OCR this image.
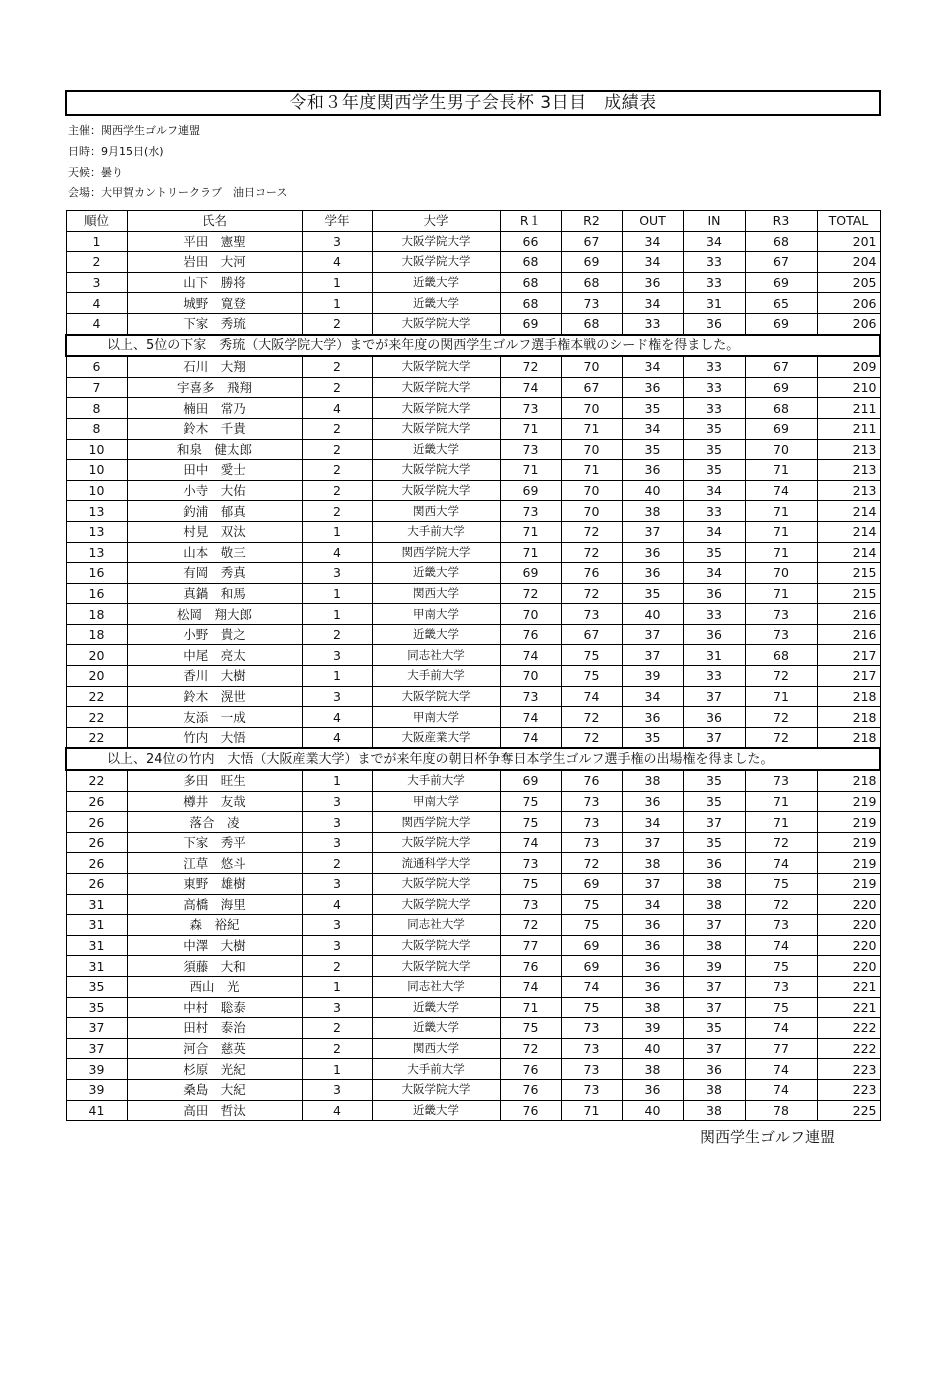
令和３年度関西学生男子会長杯 3日目　成績表
主催：関西学生ゴルフ連盟
日時：9月15日(水)
天候：曇り
会場：大甲賀カントリークラブ　油日コース
順位	氏名	学年	大学	R１	R2	OUT	IN	R3	TOTAL
1	平田　憲聖	3	大阪学院大学	66	67	34	34	68	201
2	岩田　大河	4	大阪学院大学	68	69	34	33	67	204
3	山下　勝将	1	近畿大学	68	68	36	33	69	205
4	城野　寛登	1	近畿大学	68	73	34	31	65	206
4	下家　秀琉	2	大阪学院大学	69	68	33	36	69	206
以上、5位の下家　秀琉（大阪学院大学）までが来年度の関西学生ゴルフ選手権本戦のシード権を得ました。									
6	石川　大翔	2	大阪学院大学	72	70	34	33	67	209
7	宇喜多　飛翔	2	大阪学院大学	74	67	36	33	69	210
8	楠田　常乃	4	大阪学院大学	73	70	35	33	68	211
8	鈴木　千貴	2	大阪学院大学	71	71	34	35	69	211
10	和泉　健太郎	2	近畿大学	73	70	35	35	70	213
10	田中　愛士	2	大阪学院大学	71	71	36	35	71	213
10	小寺　大佑	2	大阪学院大学	69	70	40	34	74	213
13	釣浦　郁真	2	関西大学	73	70	38	33	71	214
13	村見　双汰	1	大手前大学	71	72	37	34	71	214
13	山本　敬三	4	関西学院大学	71	72	36	35	71	214
16	有岡　秀真	3	近畿大学	69	76	36	34	70	215
16	真鍋　和馬	1	関西大学	72	72	35	36	71	215
18	松岡　翔大郎	1	甲南大学	70	73	40	33	73	216
18	小野　貴之	2	近畿大学	76	67	37	36	73	216
20	中尾　亮太	3	同志社大学	74	75	37	31	68	217
20	香川　大樹	1	大手前大学	70	75	39	33	72	217
22	鈴木　滉世	3	大阪学院大学	73	74	34	37	71	218
22	友添　一成	4	甲南大学	74	72	36	36	72	218
22	竹内　大悟	4	大阪産業大学	74	72	35	37	72	218
以上、24位の竹内　大悟（大阪産業大学）までが来年度の朝日杯争奪日本学生ゴルフ選手権の出場権を得ました。									
22	多田　旺生	1	大手前大学	69	76	38	35	73	218
26	樽井　友哉	3	甲南大学	75	73	36	35	71	219
26	落合　凌	3	関西学院大学	75	73	34	37	71	219
26	下家　秀平	3	大阪学院大学	74	73	37	35	72	219
26	江草　悠斗	2	流通科学大学	73	72	38	36	74	219
26	東野　雄樹	3	大阪学院大学	75	69	37	38	75	219
31	高橋　海里	4	大阪学院大学	73	75	34	38	72	220
31	森　裕紀	3	同志社大学	72	75	36	37	73	220
31	中澤　大樹	3	大阪学院大学	77	69	36	38	74	220
31	須藤　大和	2	大阪学院大学	76	69	36	39	75	220
35	西山　光	1	同志社大学	74	74	36	37	73	221
35	中村　聡泰	3	近畿大学	71	75	38	37	75	221
37	田村　泰治	2	近畿大学	75	73	39	35	74	222
37	河合　慈英	2	関西大学	72	73	40	37	77	222
39	杉原　光紀	1	大手前大学	76	73	38	36	74	223
39	桑島　大紀	3	大阪学院大学	76	73	36	38	74	223
41	高田　哲汰	4	近畿大学	76	71	40	38	78	225
関西学生ゴルフ連盟
